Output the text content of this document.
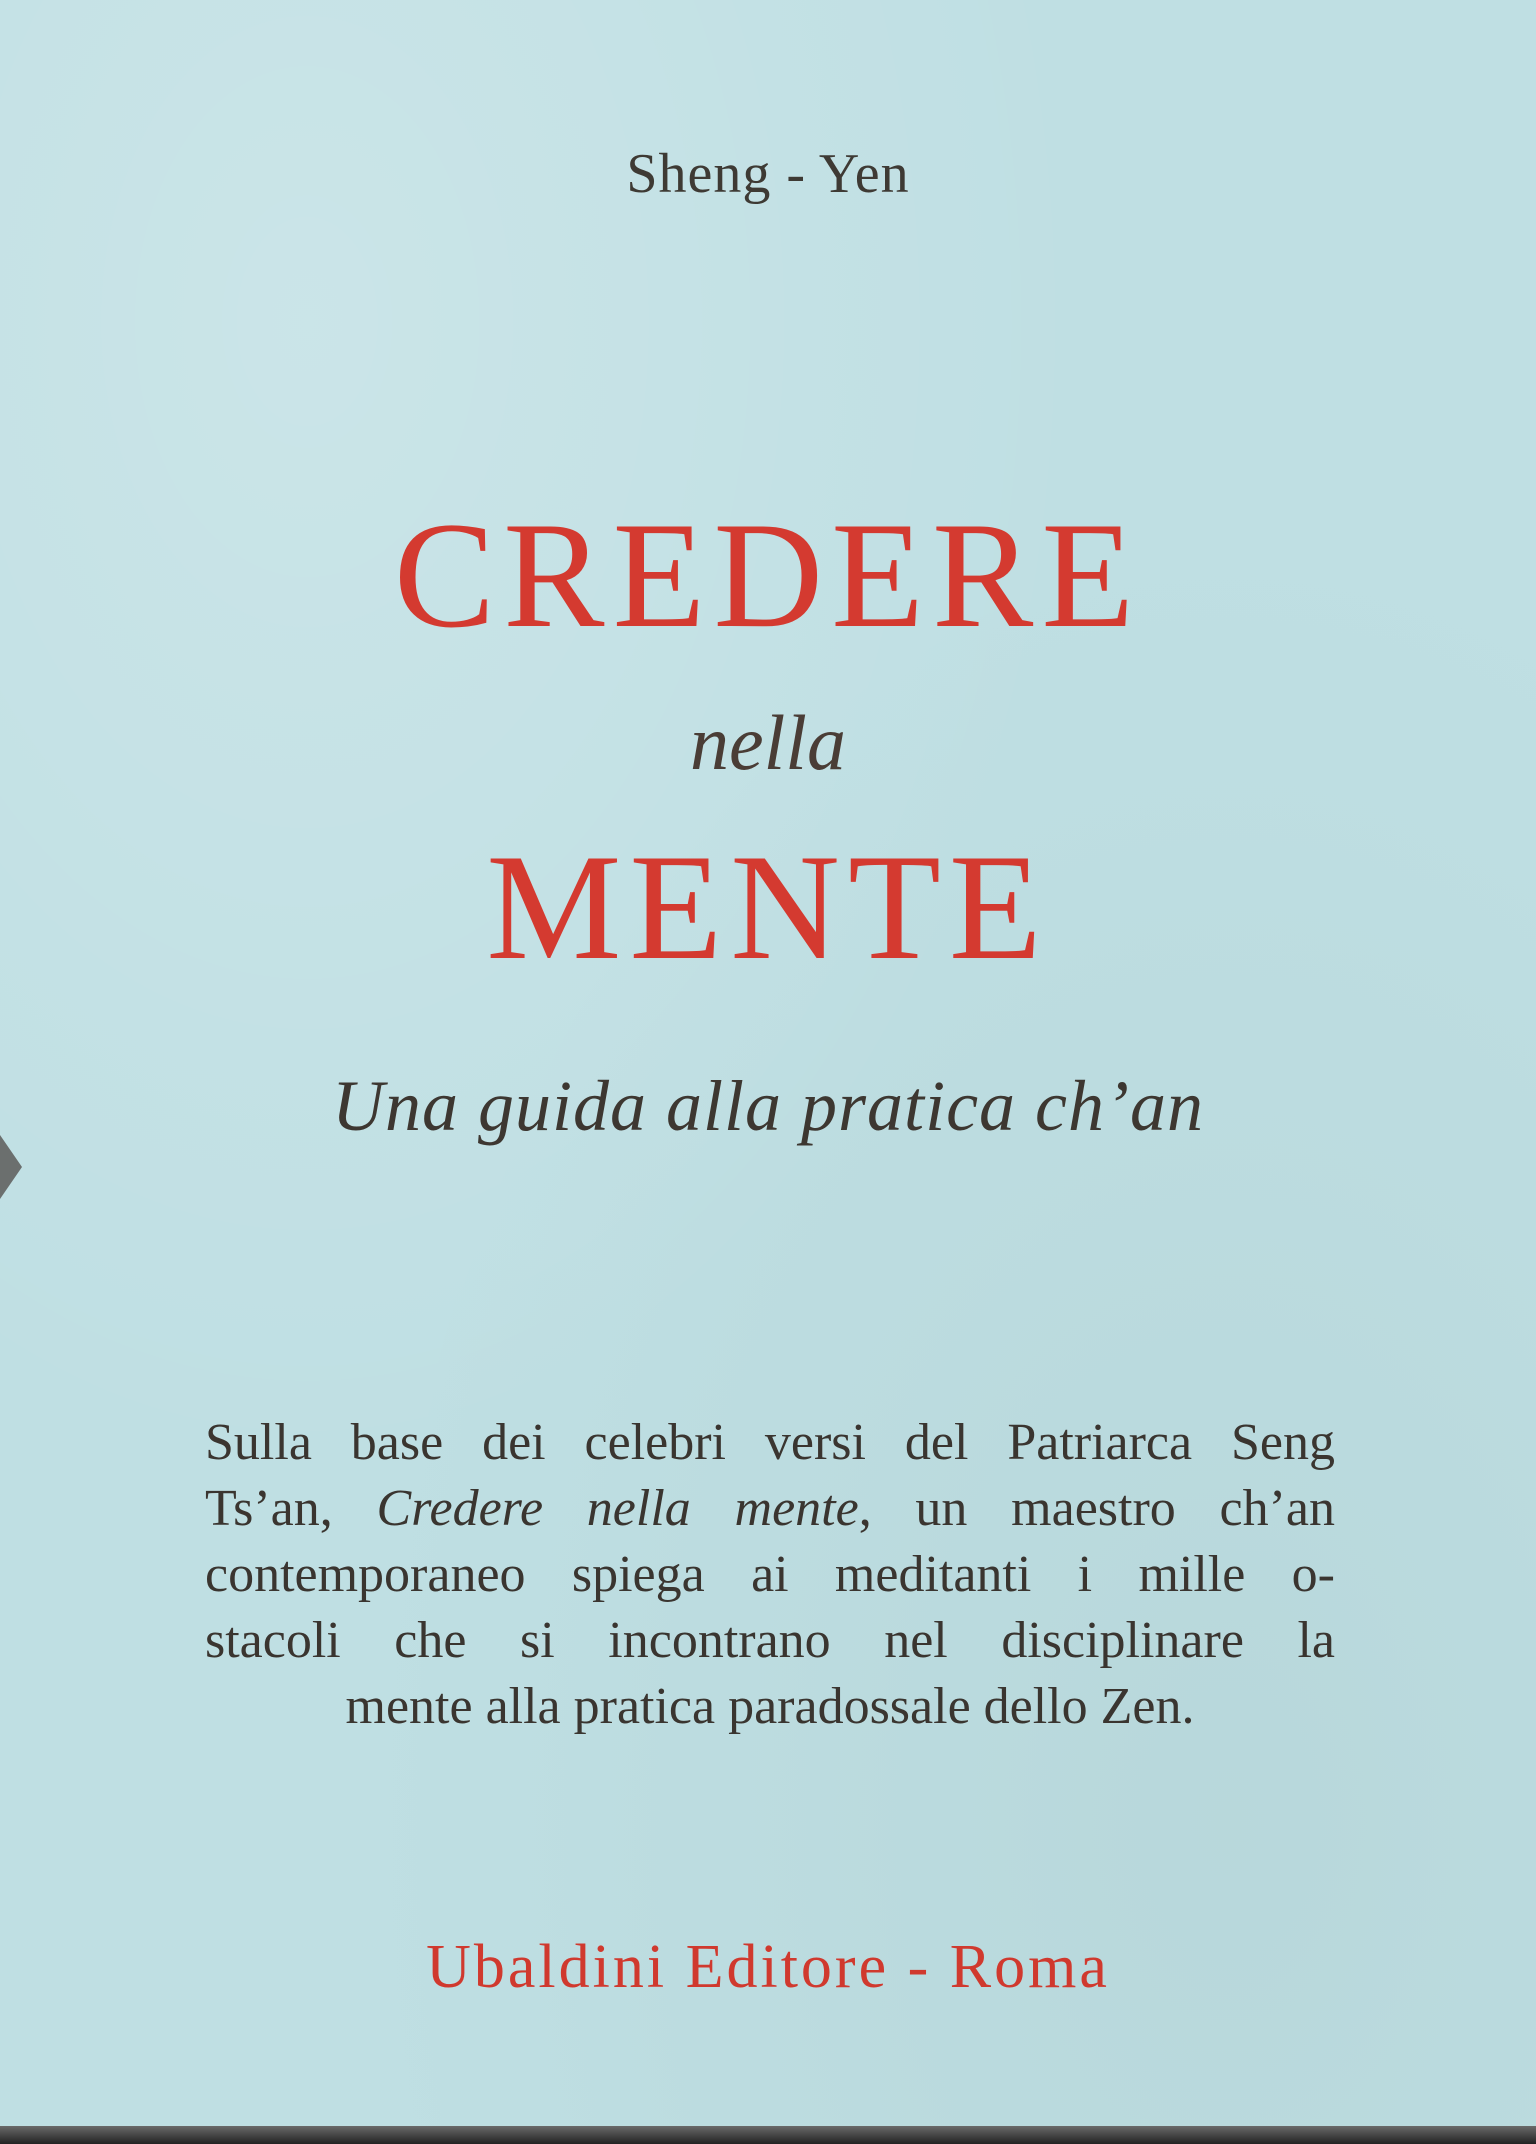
Sheng - Yen
CREDERE
nella
MENTE
Una guida alla pratica ch’an
Sulla base dei celebri versi del Patriarca Seng
Ts’an, Credere nella mente, un maestro ch’an
contemporaneo spiega ai meditanti i mille o-
stacoli che si incontrano nel disciplinare la
mente alla pratica paradossale dello Zen.
Ubaldini Editore - Roma
